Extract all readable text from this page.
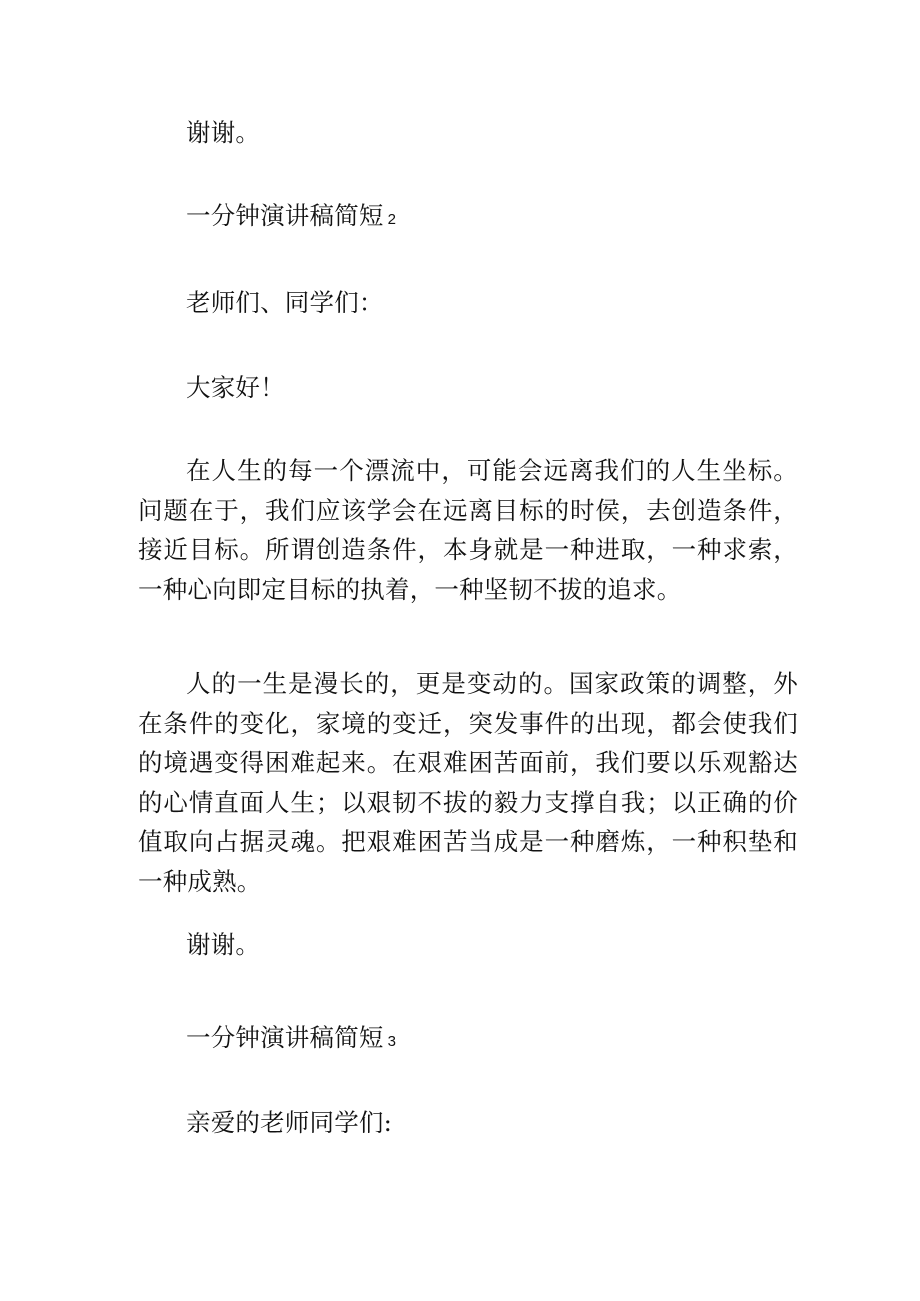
谢谢。
一分钟演讲稿简短 2
老师们、同学们：
大家好！
在人生的每一个漂流中，可能会远离我们的人生坐标。问题在于，我们应该学会在远离目标的时侯，去创造条件，接近目标。所谓创造条件，本身就是一种进取，一种求索，一种心向即定目标的执着，一种坚韧不拔的追求。
人的一生是漫长的，更是变动的。国家政策的调整，外在条件的变化，家境的变迁，突发事件的出现，都会使我们的境遇变得困难起来。在艰难困苦面前，我们要以乐观豁达的心情直面人生；以艰韧不拔的毅力支撑自我；以正确的价值取向占据灵魂。把艰难困苦当成是一种磨炼，一种积垫和一种成熟。
谢谢。
一分钟演讲稿简短 3
亲爱的老师同学们:
